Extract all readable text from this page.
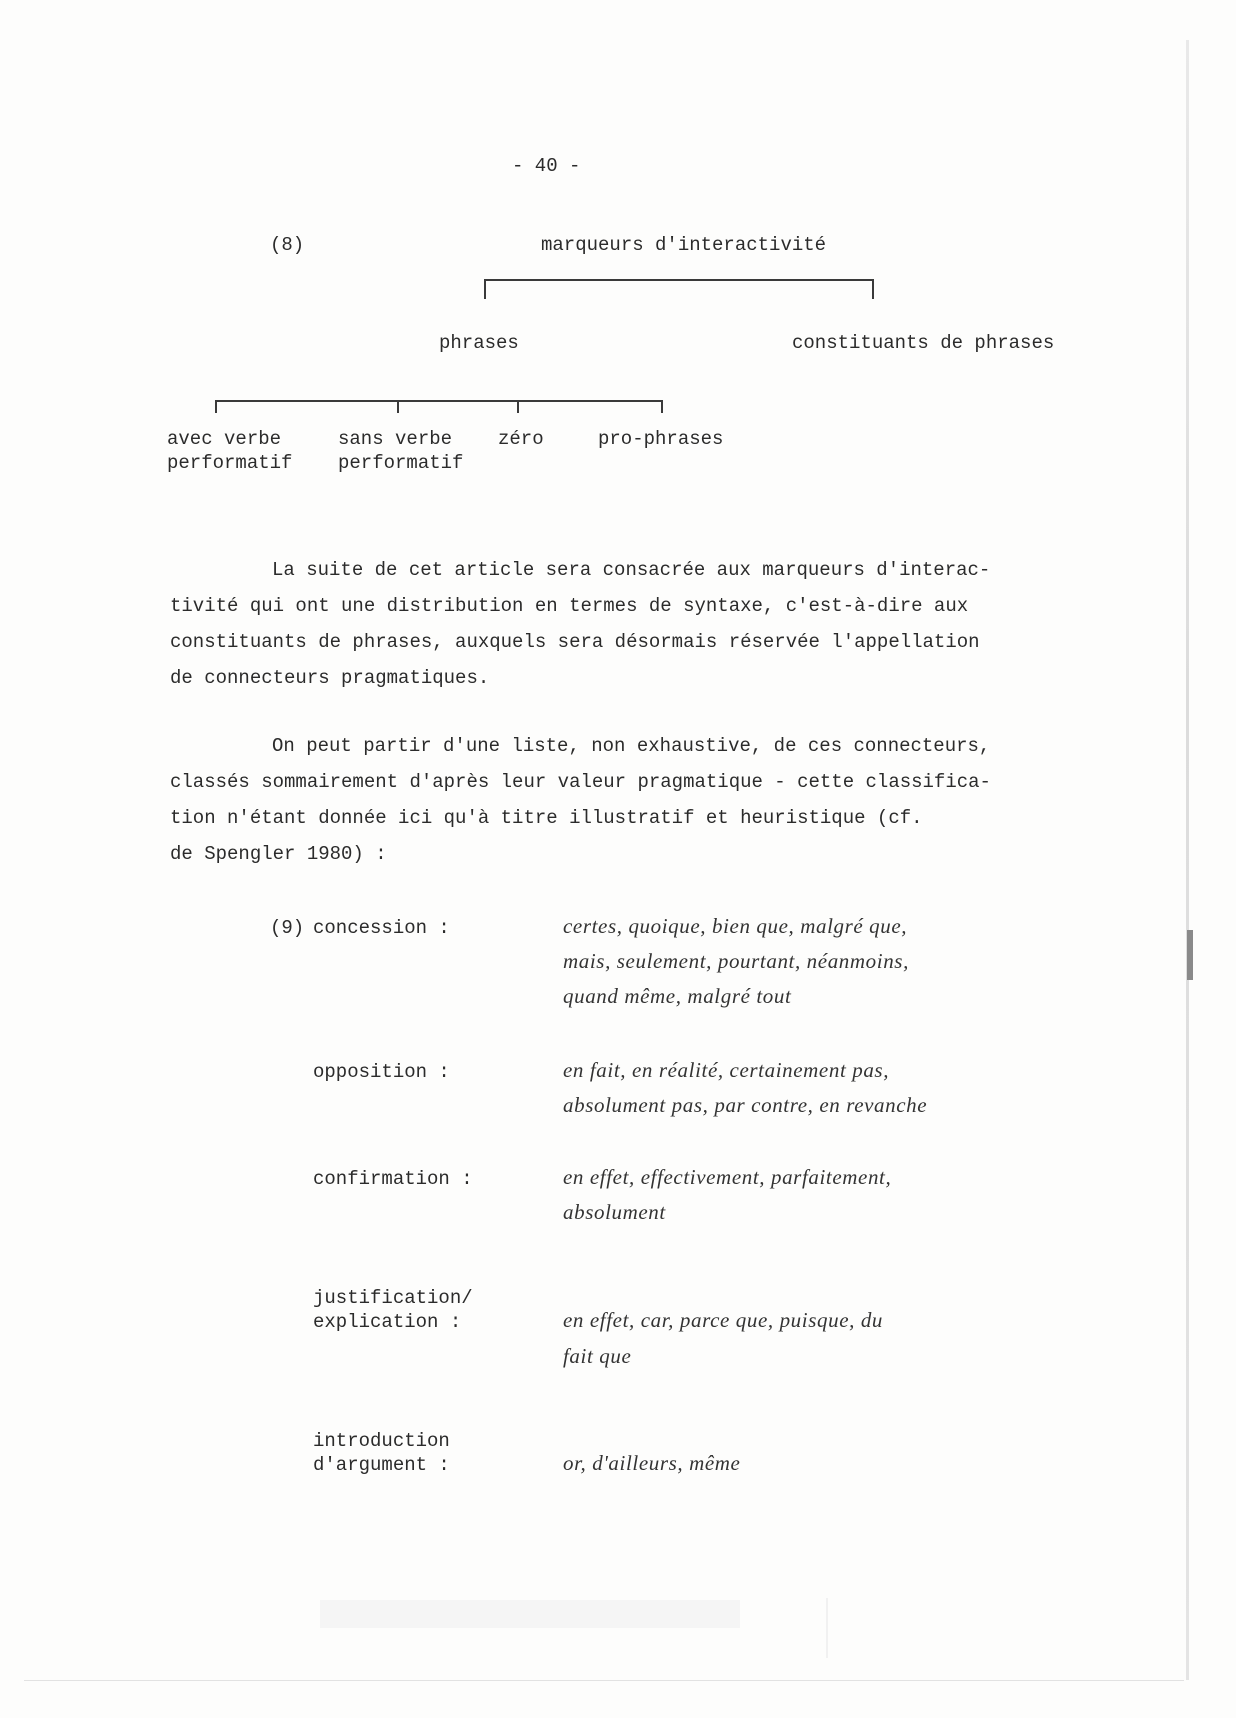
- 40 -
(8)	marqueurs d'interactivité
phrases	constituants de phrases
avec verbe
performatif
sans verbe
performatif
zéro	pro-phrases
La suite de cet article sera consacrée aux marqueurs d'interac-
tivité qui ont une distribution en termes de syntaxe, c'est-à-dire aux
constituants de phrases, auxquels sera désormais réservée l'appellation
de connecteurs pragmatiques.
On peut partir d'une liste, non exhaustive, de ces connecteurs,
classés sommairement d'après leur valeur pragmatique - cette classifica-
tion n'étant donnée ici qu'à titre illustratif et heuristique (cf.
de Spengler 1980) :
(9) concession :	certes, quoique, bien que, malgré que,
mais, seulement, pourtant, néanmoins,
quand même, malgré tout
opposition :	en fait, en réalité, certainement pas,
absolument pas, par contre, en revanche
confirmation :	en effet, effectivement, parfaitement,
absolument
justification/
explication :	en effet, car, parce que, puisque, du
fait que
introduction
d'argument :	or, d'ailleurs, même
